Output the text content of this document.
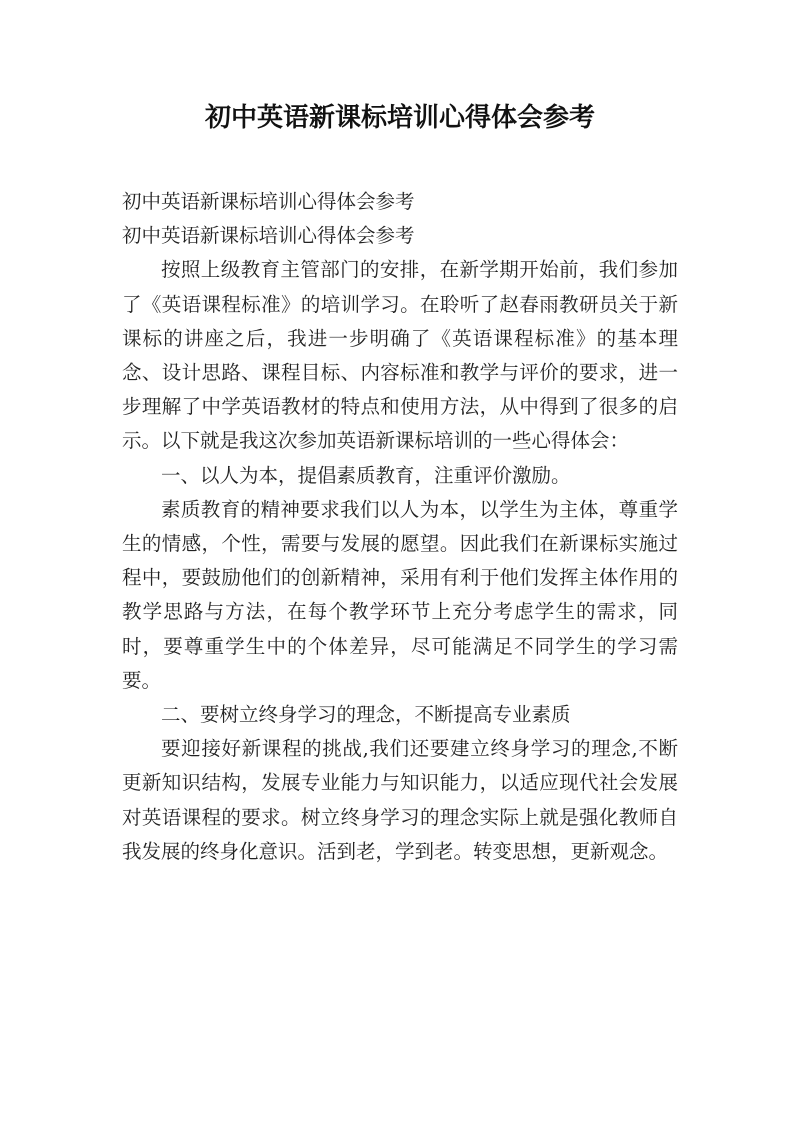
初中英语新课标培训心得体会参考

初中英语新课标培训心得体会参考

初中英语新课标培训心得体会参考

按照上级教育主管部门的安排，在新学期开始前，我们参加了《英语课程标准》的培训学习。在聆听了赵春雨教研员关于新课标的讲座之后，我进一步明确了《英语课程标准》的基本理念、设计思路、课程目标、内容标准和教学与评价的要求，进一步理解了中学英语教材的特点和使用方法，从中得到了很多的启示。以下就是我这次参加英语新课标培训的一些心得体会：

一、以人为本，提倡素质教育，注重评价激励。

素质教育的精神要求我们以人为本，以学生为主体，尊重学生的情感，个性，需要与发展的愿望。因此我们在新课标实施过程中，要鼓励他们的创新精神，采用有利于他们发挥主体作用的教学思路与方法，在每个教学环节上充分考虑学生的需求，同时，要尊重学生中的个体差异，尽可能满足不同学生的学习需要。

二、要树立终身学习的理念，不断提高专业素质

要迎接好新课程的挑战,我们还要建立终身学习的理念,不断更新知识结构，发展专业能力与知识能力，以适应现代社会发展对英语课程的要求。树立终身学习的理念实际上就是强化教师自我发展的终身化意识。活到老，学到老。转变思想，更新观念。
